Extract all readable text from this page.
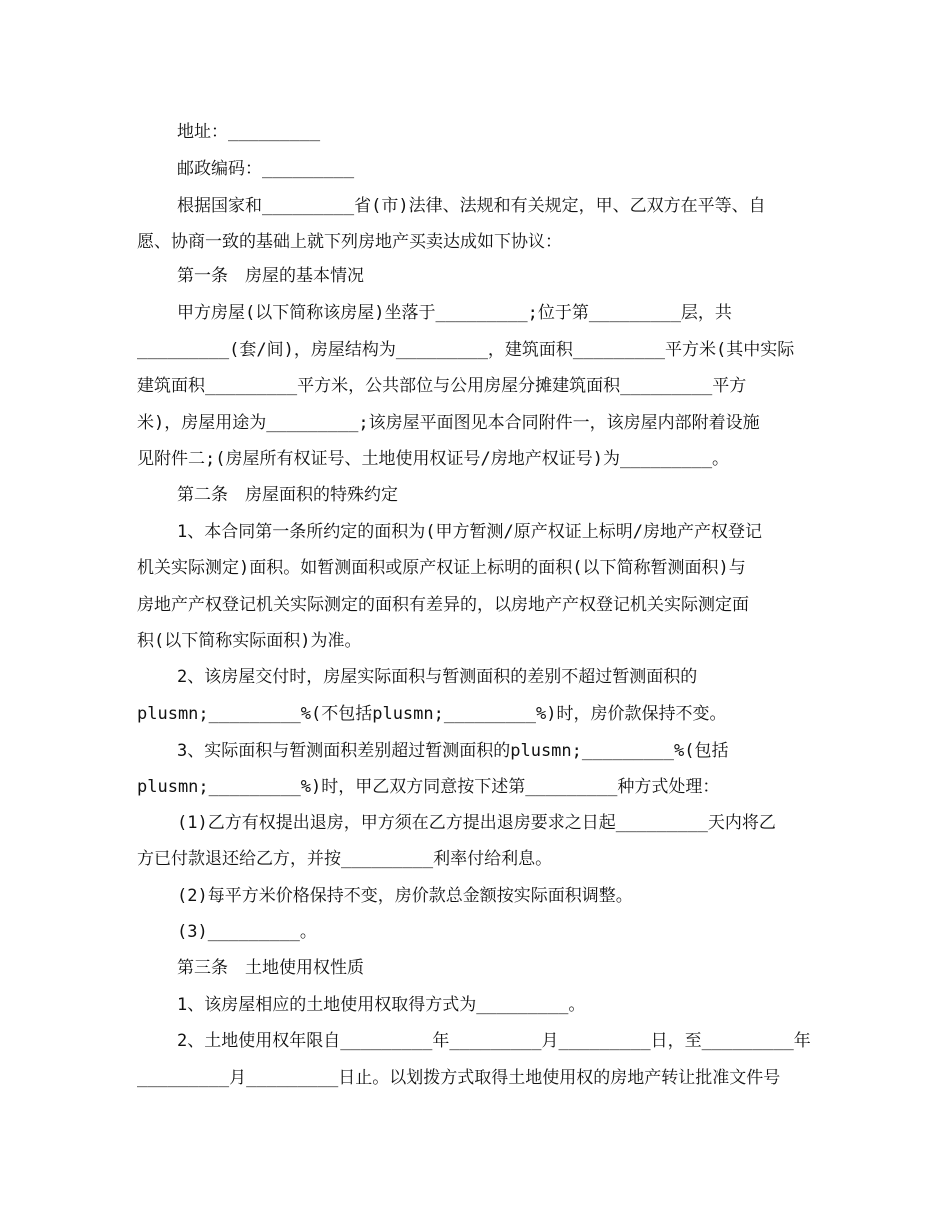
地址：_________
邮政编码：_________
根据国家和_________省(市)法律、法规和有关规定，甲、乙双方在平等、自
愿、协商一致的基础上就下列房地产买卖达成如下协议：
第一条　房屋的基本情况
甲方房屋(以下简称该房屋)坐落于_________;位于第_________层，共
_________(套/间)，房屋结构为_________，建筑面积_________平方米(其中实际
建筑面积_________平方米，公共部位与公用房屋分摊建筑面积_________平方
米)，房屋用途为_________;该房屋平面图见本合同附件一，该房屋内部附着设施
见附件二;(房屋所有权证号、土地使用权证号/房地产权证号)为_________。
第二条　房屋面积的特殊约定
1、本合同第一条所约定的面积为(甲方暂测/原产权证上标明/房地产产权登记
机关实际测定)面积。如暂测面积或原产权证上标明的面积(以下简称暂测面积)与
房地产产权登记机关实际测定的面积有差异的，以房地产产权登记机关实际测定面
积(以下简称实际面积)为准。
2、该房屋交付时，房屋实际面积与暂测面积的差别不超过暂测面积的
plusmn;_________%(不包括plusmn;_________%)时，房价款保持不变。
3、实际面积与暂测面积差别超过暂测面积的plusmn;_________%(包括
plusmn;_________%)时，甲乙双方同意按下述第_________种方式处理：
(1)乙方有权提出退房，甲方须在乙方提出退房要求之日起_________天内将乙
方已付款退还给乙方，并按_________利率付给利息。
(2)每平方米价格保持不变，房价款总金额按实际面积调整。
(3)_________。
第三条　土地使用权性质
1、该房屋相应的土地使用权取得方式为_________。
2、土地使用权年限自_________年_________月_________日，至_________年
_________月_________日止。以划拨方式取得土地使用权的房地产转让批准文件号
